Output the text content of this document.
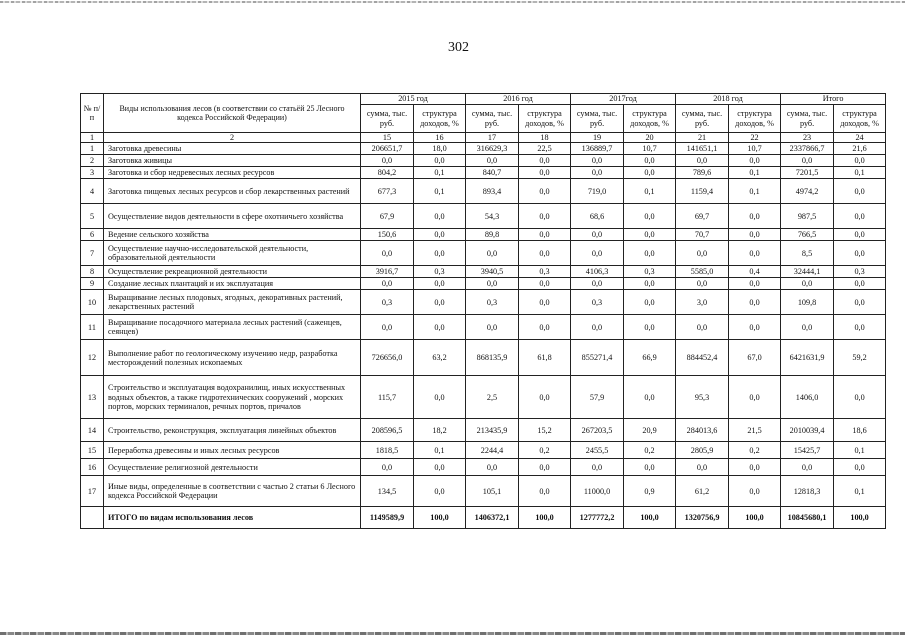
302
№ п/п	Виды использования лесов (в соответствии со статьёй 25 Лесного кодекса Российской Федерации)	2015 год		2016 год		2017год		2018 год		Итого	
		сумма, тыс. руб.	структура доходов, %	сумма, тыс. руб.	структура доходов, %	сумма, тыс. руб.	структура доходов, %	сумма, тыс. руб.	структура доходов, %	сумма, тыс. руб.	структура доходов, %
1	2	15	16	17	18	19	20	21	22	23	24
1	Заготовка древесины	206651,7	18,0	316629,3	22,5	136889,7	10,7	141651,1	10,7	2337866,7	21,6
2	Заготовка живицы	0,0	0,0	0,0	0,0	0,0	0,0	0,0	0,0	0,0	0,0
3	Заготовка и сбор недревесных лесных ресурсов	804,2	0,1	840,7	0,0	0,0	0,0	789,6	0,1	7201,5	0,1
4	Заготовка пищевых лесных ресурсов и сбор лекарственных растений	677,3	0,1	893,4	0,0	719,0	0,1	1159,4	0,1	4974,2	0,0
5	Осуществление видов деятельности в сфере охотничьего хозяйства	67,9	0,0	54,3	0,0	68,6	0,0	69,7	0,0	987,5	0,0
6	Ведение сельского хозяйства	150,6	0,0	89,8	0,0	0,0	0,0	70,7	0,0	766,5	0,0
7	Осуществление научно-исследовательской деятельности, образовательной деятельности	0,0	0,0	0,0	0,0	0,0	0,0	0,0	0,0	8,5	0,0
8	Осуществление рекреационной деятельности	3916,7	0,3	3940,5	0,3	4106,3	0,3	5585,0	0,4	32444,1	0,3
9	Создание лесных плантаций и их эксплуатация	0,0	0,0	0,0	0,0	0,0	0,0	0,0	0,0	0,0	0,0
10	Выращивание лесных плодовых, ягодных, декоративных растений, лекарственных растений	0,3	0,0	0,3	0,0	0,3	0,0	3,0	0,0	109,8	0,0
11	Выращивание посадочного материала лесных растений (саженцев, сеянцев)	0,0	0,0	0,0	0,0	0,0	0,0	0,0	0,0	0,0	0,0
12	Выполнение работ по геологическому изучению недр, разработка месторождений полезных ископаемых	726656,0	63,2	868135,9	61,8	855271,4	66,9	884452,4	67,0	6421631,9	59,2
13	Строительство и эксплуатация водохранилищ, иных искусственных водных объектов, а также гидротехнических сооружений , морских портов, морских терминалов, речных портов, причалов	115,7	0,0	2,5	0,0	57,9	0,0	95,3	0,0	1406,0	0,0
14	Строительство, реконструкция, эксплуатация линейных объектов	208596,5	18,2	213435,9	15,2	267203,5	20,9	284013,6	21,5	2010039,4	18,6
15	Переработка древесины и иных лесных ресурсов	1818,5	0,1	2244,4	0,2	2455,5	0,2	2805,9	0,2	15425,7	0,1
16	Осуществление религиозной деятельности	0,0	0,0	0,0	0,0	0,0	0,0	0,0	0,0	0,0	0,0
17	Иные виды, определенные в соответствии с частью 2 статьи 6 Лесного кодекса Российской Федерации	134,5	0,0	105,1	0,0	11000,0	0,9	61,2	0,0	12818,3	0,1
	ИТОГО по видам использования лесов	1149589,9	100,0	1406372,1	100,0	1277772,2	100,0	1320756,9	100,0	10845680,1	100,0
